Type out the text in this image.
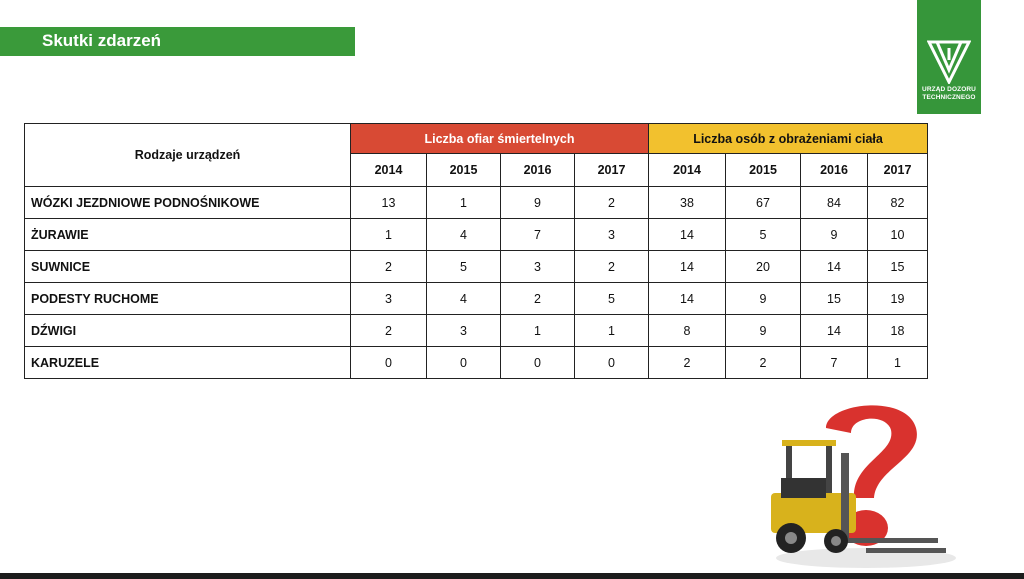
Skutki zdarzeń
URZĄD DOZORU
TECHNICZNEGO
Rodzaje urządzeń	Liczba ofiar śmiertelnych				Liczba osób z obrażeniami ciała			
	2014	2015	2016	2017	2014	2015	2016	2017
WÓZKI JEZDNIOWE PODNOŚNIKOWE	13	1	9	2	38	67	84	82
ŻURAWIE	1	4	7	3	14	5	9	10
SUWNICE	2	5	3	2	14	20	14	15
PODESTY RUCHOME	3	4	2	5	14	9	15	19
DŹWIGI	2	3	1	1	8	9	14	18
KARUZELE	0	0	0	0	2	2	7	1
